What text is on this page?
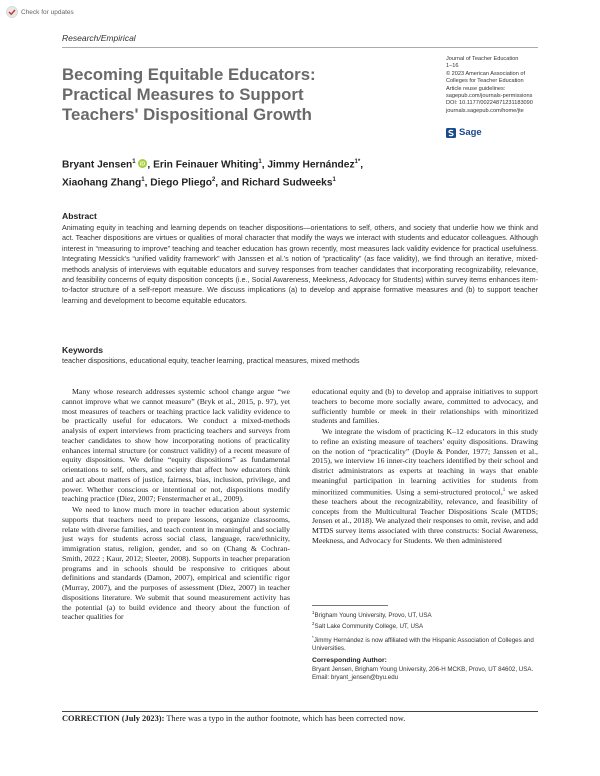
Check for updates
Research/Empirical
Becoming Equitable Educators: Practical Measures to Support Teachers' Dispositional Growth
Journal of Teacher Education
1–16
© 2023 American Association of
Colleges for Teacher Education
Article reuse guidelines:
sagepub.com/journals-permissions
DOI: 10.1177/00224871231183090
journals.sagepub.com/home/jte
Sage
Bryant Jensen$^1$ iD , Erin Feinauer Whiting$^1$, Jimmy Hernández$^{1*}$,
Xiaohang Zhang$^1$, Diego Pliego$^2$, and Richard Sudweeks$^1$
Abstract

Animating equity in teaching and learning depends on teacher dispositions—orientations to self, others, and society that underlie how we think and act. Teacher dispositions are virtues or qualities of moral character that modify the ways we interact with students and educator colleagues. Although interest in “measuring to improve” teaching and teacher education has grown recently, most measures lack validity evidence for practical usefulness. Integrating Messick’s “unified validity framework” with Janssen et al.’s notion of “practicality” (as face validity), we find through an iterative, mixed-methods analysis of interviews with equitable educators and survey responses from teacher candidates that incorporating recognizability, relevance, and feasibility concerns of equity disposition concepts (i.e., Social Awareness, Meekness, Advocacy for Students) within survey items enhances item-to-factor structure of a self-report measure. We discuss implications (a) to develop and appraise formative measures and (b) to support teacher learning and development to become equitable educators.

Keywords

teacher dispositions, educational equity, teacher learning, practical measures, mixed methods

Many whose research addresses systemic school change argue “we cannot improve what we cannot measure” (Bryk et al., 2015, p. 97), yet most measures of teachers or teaching practice lack validity evidence to be practically useful for educators. We conduct a mixed-methods analysis of expert interviews from practicing teachers and surveys from teacher candidates to show how incorporating notions of practicality enhances internal structure (or construct validity) of a recent measure of equity dispositions. We define “equity dispositions” as fundamental orientations to self, others, and society that affect how educators think and act about matters of justice, fairness, bias, inclusion, privilege, and power. Whether conscious or intentional or not, dispositions modify teaching practice (Diez, 2007; Fenstermacher et al., 2009).

We need to know much more in teacher education about systemic supports that teachers need to prepare lessons, organize classrooms, relate with diverse families, and teach content in meaningful and socially just ways for students across social class, language, race/ethnicity, immigration status, religion, gender, and so on (Chang & Cochran-Smith, 2022 ; Kaur, 2012; Sleeter, 2008). Supports in teacher preparation programs and in schools should be responsive to critiques about definitions and standards (Damon, 2007), empirical and scientific rigor (Murray, 2007), and the purposes of assessment (Diez, 2007) in teacher dispositions literature. We submit that sound measurement activity has the potential (a) to build evidence and theory about the function of teacher qualities for

educational equity and (b) to develop and appraise initiatives to support teachers to become more socially aware, committed to advocacy, and sufficiently humble or meek in their relationships with minoritized students and families.

We integrate the wisdom of practicing K–12 educators in this study to refine an existing measure of teachers’ equity dispositions. Drawing on the notion of “practicality” (Doyle & Ponder, 1977; Janssen et al., 2015), we interview 16 inner-city teachers identified by their school and district administrators as experts at teaching in ways that enable meaningful participation in learning activities for students from minoritized communities. Using a semi-structured protocol,$^1$ we asked these teachers about the recognizability, relevance, and feasibility of concepts from the Multicultural Teacher Dispositions Scale (MTDS; Jensen et al., 2018). We analyzed their responses to omit, revise, and add MTDS survey items associated with three constructs: Social Awareness, Meekness, and Advocacy for Students. We then administered

$^1$Brigham Young University, Provo, UT, USA
$^2$Salt Lake Community College, UT, USA
*Jimmy Hernández is now affiliated with the Hispanic Association of Colleges and Universities.
Corresponding Author:
Bryant Jensen, Brigham Young University, 206-H MCKB, Provo, UT 84602, USA.
Email: bryant_jensen@byu.edu
CORRECTION (July 2023): There was a typo in the author footnote, which has been corrected now.
